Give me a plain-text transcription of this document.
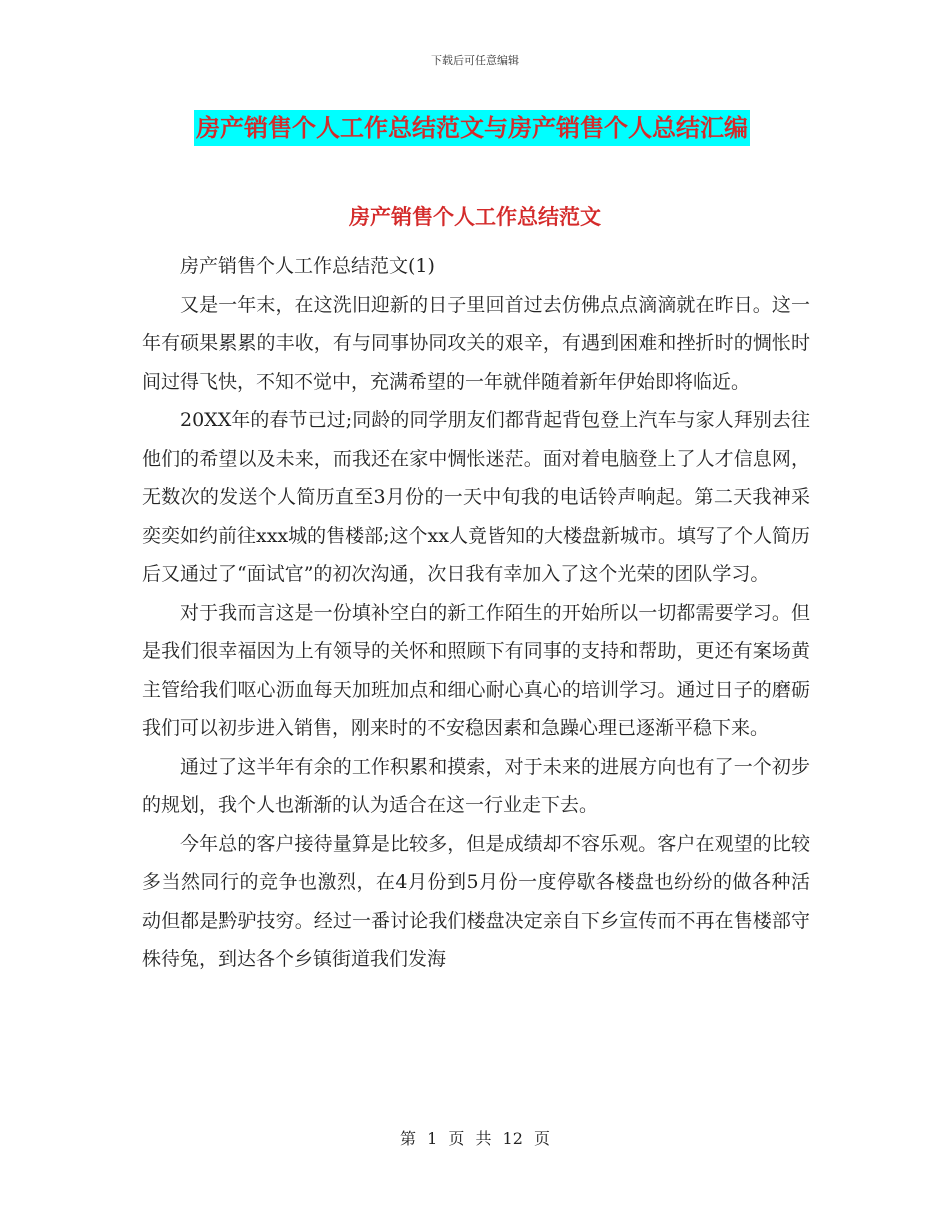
下载后可任意编辑
房产销售个人工作总结范文与房产销售个人总结汇编
房产销售个人工作总结范文

房产销售个人工作总结范文(1)

又是一年末，在这洗旧迎新的日子里回首过去仿佛点点滴滴就在昨日。这一年有硕果累累的丰收，有与同事协同攻关的艰辛，有遇到困难和挫折时的惆怅时间过得飞快，不知不觉中，充满希望的一年就伴随着新年伊始即将临近。

20XX年的春节已过;同龄的同学朋友们都背起背包登上汽车与家人拜别去往他们的希望以及未来，而我还在家中惆怅迷茫。面对着电脑登上了人才信息网，无数次的发送个人简历直至3月份的一天中旬我的电话铃声响起。第二天我神采奕奕如约前往xxx城的售楼部;这个xx人竟皆知的大楼盘新城市。填写了个人简历后又通过了“面试官”的初次沟通，次日我有幸加入了这个光荣的团队学习。

对于我而言这是一份填补空白的新工作陌生的开始所以一切都需要学习。但是我们很幸福因为上有领导的关怀和照顾下有同事的支持和帮助，更还有案场黄主管给我们呕心沥血每天加班加点和细心耐心真心的培训学习。通过日子的磨砺我们可以初步进入销售，刚来时的不安稳因素和急躁心理已逐渐平稳下来。

通过了这半年有余的工作积累和摸索，对于未来的进展方向也有了一个初步的规划，我个人也渐渐的认为适合在这一行业走下去。

今年总的客户接待量算是比较多，但是成绩却不容乐观。客户在观望的比较多当然同行的竞争也激烈，在4月份到5月份一度停歇各楼盘也纷纷的做各种活动但都是黔驴技穷。经过一番讨论我们楼盘决定亲自下乡宣传而不再在售楼部守株待兔，到达各个乡镇街道我们发海

第 1 页 共 12 页
